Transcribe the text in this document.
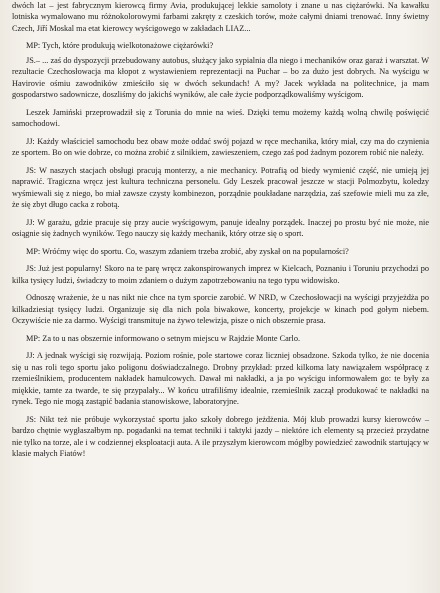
dwóch lat – jest fabrycznym kierowcą firmy Avia, produkującej lekkie samoloty i znane u nas ciężarówki. Na kawałku lotniska wymalowano mu różnokolorowymi farbami zakręty z czeskich torów, może całymi dniami trenować. Inny świetny Czech, Jiří Moskal ma etat kierowcy wyścigowego w zakładach LIAZ...

MP: Tych, które produkują wielkotonażowe ciężarówki?

JS.– ... zaś do dyspozycji przebudowany autobus, służący jako sypialnia dla niego i mechaników oraz garaż i warsztat. W rezultacie Czechosłowacja ma kłopot z wystawieniem reprezentacji na Puchar – bo za dużo jest dobrych. Na wyścigu w Havirovie ośmiu zawodników zmieściło się w dwóch sekundach! A my? Jacek wykłada na politechnice, ja mam gospodarstwo sadownicze, doszliśmy do jakichś wyników, ale całe życie podporządkowaliśmy wyścigom.

Leszek Jamiński przeprowadził się z Torunia do mnie na wieś. Dzięki temu możemy każdą wolną chwilę poświęcić samochodowi.

JJ: Każdy właściciel samochodu bez obaw może oddać swój pojazd w ręce mechanika, który miał, czy ma do czynienia ze sportem. Bo on wie dobrze, co można zrobić z silnikiem, zawieszeniem, czego zaś pod żadnym pozorem robić nie należy.

JS: W naszych stacjach obsługi pracują monterzy, a nie mechanicy. Potrafią od biedy wymienić część, nie umieją jej naprawić. Tragiczna wręcz jest kultura techniczna personelu. Gdy Leszek pracował jeszcze w stacji Polmozbytu, koledzy wyśmiewali się z niego, bo miał zawsze czysty kombinezon, porządnie poukładane narzędzia, zaś szefowie mieli mu za złe, że się zbyt długo cacka z robotą.

JJ: W garażu, gdzie pracuje się przy aucie wyścigowym, panuje idealny porządek. Inaczej po prostu być nie może, nie osiągnie się żadnych wyników. Tego nauczy się każdy mechanik, który otrze się o sport.

MP: Wróćmy więc do sportu. Co, waszym zdaniem trzeba zrobić, aby zyskał on na popularności?

JS: Już jest popularny! Skoro na te parę wręcz zakonspirowanych imprez w Kielcach, Poznaniu i Toruniu przychodzi po kilka tysięcy ludzi, świadczy to moim zdaniem o dużym zapotrzebowaniu na tego typu widowisko.

Odnoszę wrażenie, że u nas nikt nie chce na tym sporcie zarobić. W NRD, w Czechosłowacji na wyścigi przyjeżdża po kilkadziesiąt tysięcy ludzi. Organizuje się dla nich pola biwakowe, koncerty, projekcje w kinach pod gołym niebem. Oczywiście nie za darmo. Wyścigi transmituje na żywo telewizja, pisze o nich obszernie prasa.

MP: Za to u nas obszernie informowano o setnym miejscu w Rajdzie Monte Carlo.

JJ: A jednak wyścigi się rozwijają. Poziom rośnie, pole startowe coraz liczniej obsadzone. Szkoda tylko, że nie docenia się u nas roli tego sportu jako poligonu doświadczalnego. Drobny przykład: przed kilkoma laty nawiązałem współpracę z rzemieślnikiem, producentem nakładek hamulcowych. Dawał mi nakładki, a ja po wyścigu informowałem go: te były za miękkie, tamte za twarde, te się przypalały... W końcu utrafiliśmy idealnie, rzemieślnik zaczął produkować te nakładki na rynek. Tego nie mogą zastąpić badania stanowiskowe, laboratoryjne.

JS: Nikt też nie próbuje wykorzystać sportu jako szkoły dobrego jeżdżenia. Mój klub prowadzi kursy kierowców – bardzo chętnie wygłaszałbym np. pogadanki na temat techniki i taktyki jazdy – niektóre ich elementy są przecież przydatne nie tylko na torze, ale i w codziennej eksploatacji auta. A ile przyszłym kierowcom mógłby powiedzieć zawodnik startujący w klasie małych Fiatów!
